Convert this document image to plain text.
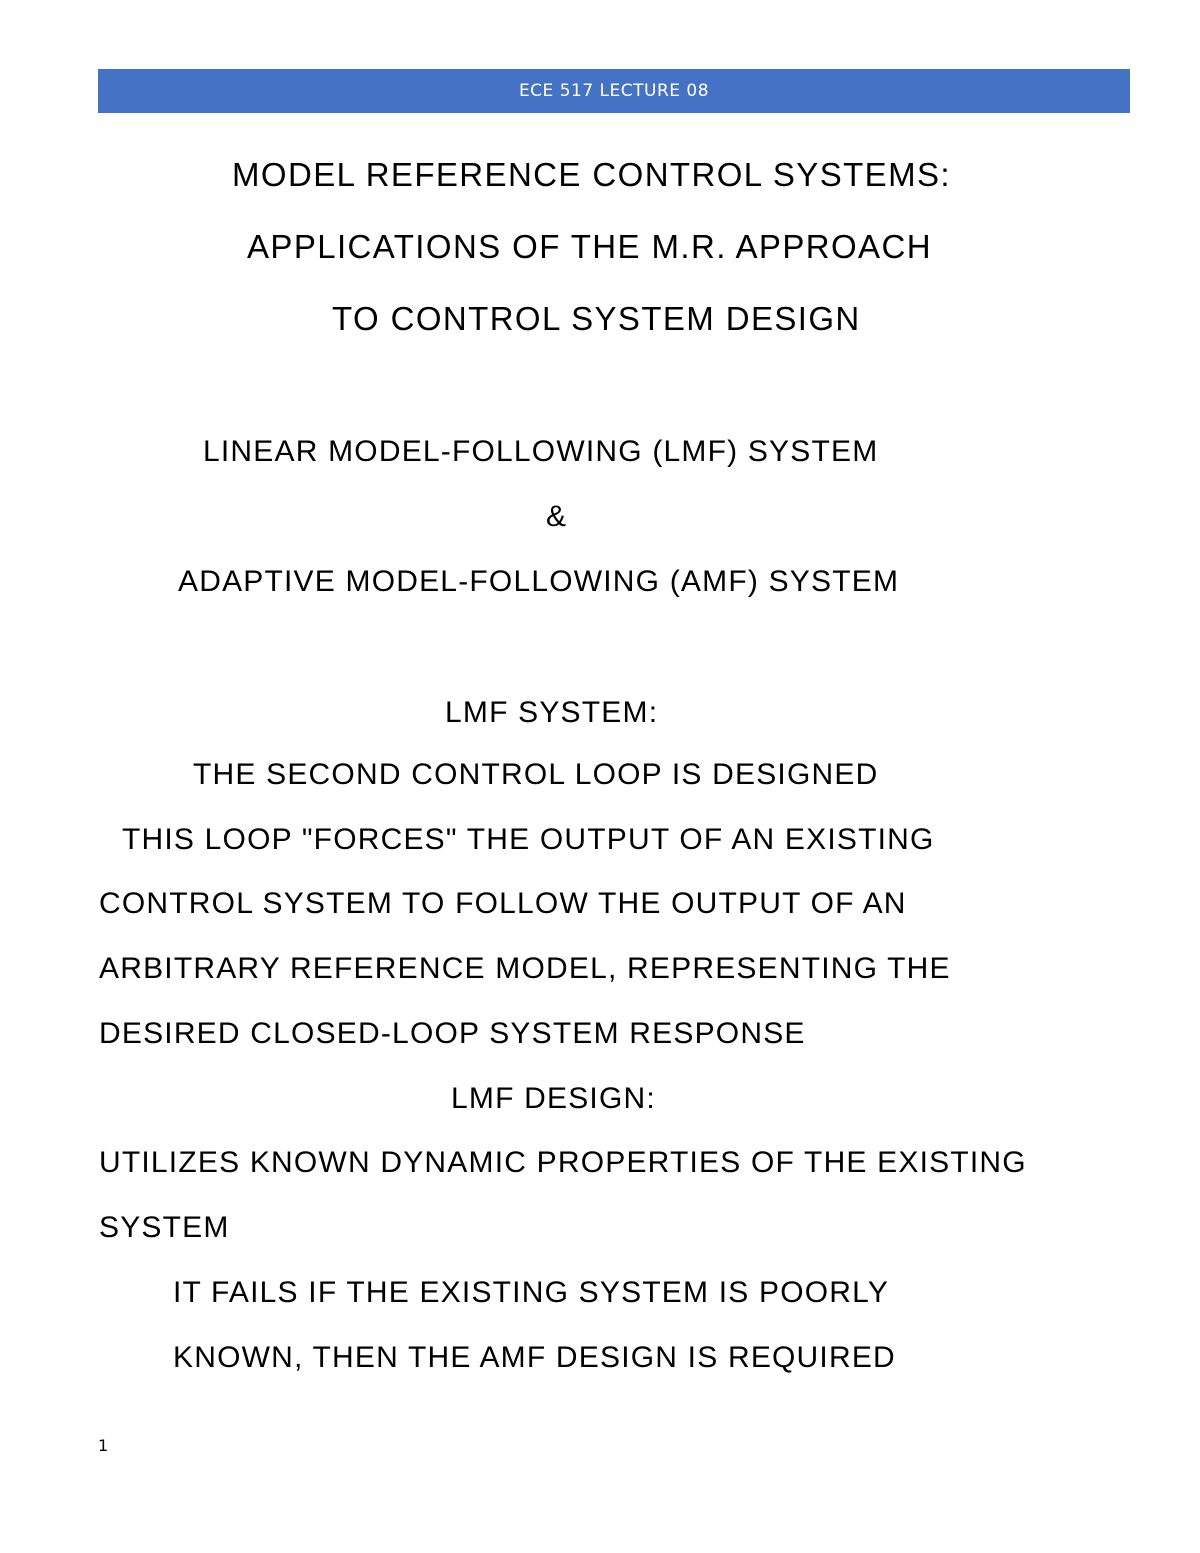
ECE 517 LECTURE 08
MODEL REFERENCE CONTROL SYSTEMS:
APPLICATIONS OF THE M.R. APPROACH
TO CONTROL SYSTEM DESIGN
LINEAR MODEL-FOLLOWING (LMF) SYSTEM
&
ADAPTIVE MODEL-FOLLOWING (AMF) SYSTEM
LMF SYSTEM:
THE SECOND CONTROL LOOP IS DESIGNED
THIS LOOP "FORCES" THE OUTPUT OF AN EXISTING
CONTROL SYSTEM TO FOLLOW THE OUTPUT OF AN
ARBITRARY REFERENCE MODEL, REPRESENTING THE
DESIRED CLOSED-LOOP SYSTEM RESPONSE
LMF DESIGN:
UTILIZES KNOWN DYNAMIC PROPERTIES OF THE EXISTING
SYSTEM
IT FAILS IF THE EXISTING SYSTEM IS POORLY
KNOWN, THEN THE AMF DESIGN IS REQUIRED
1
